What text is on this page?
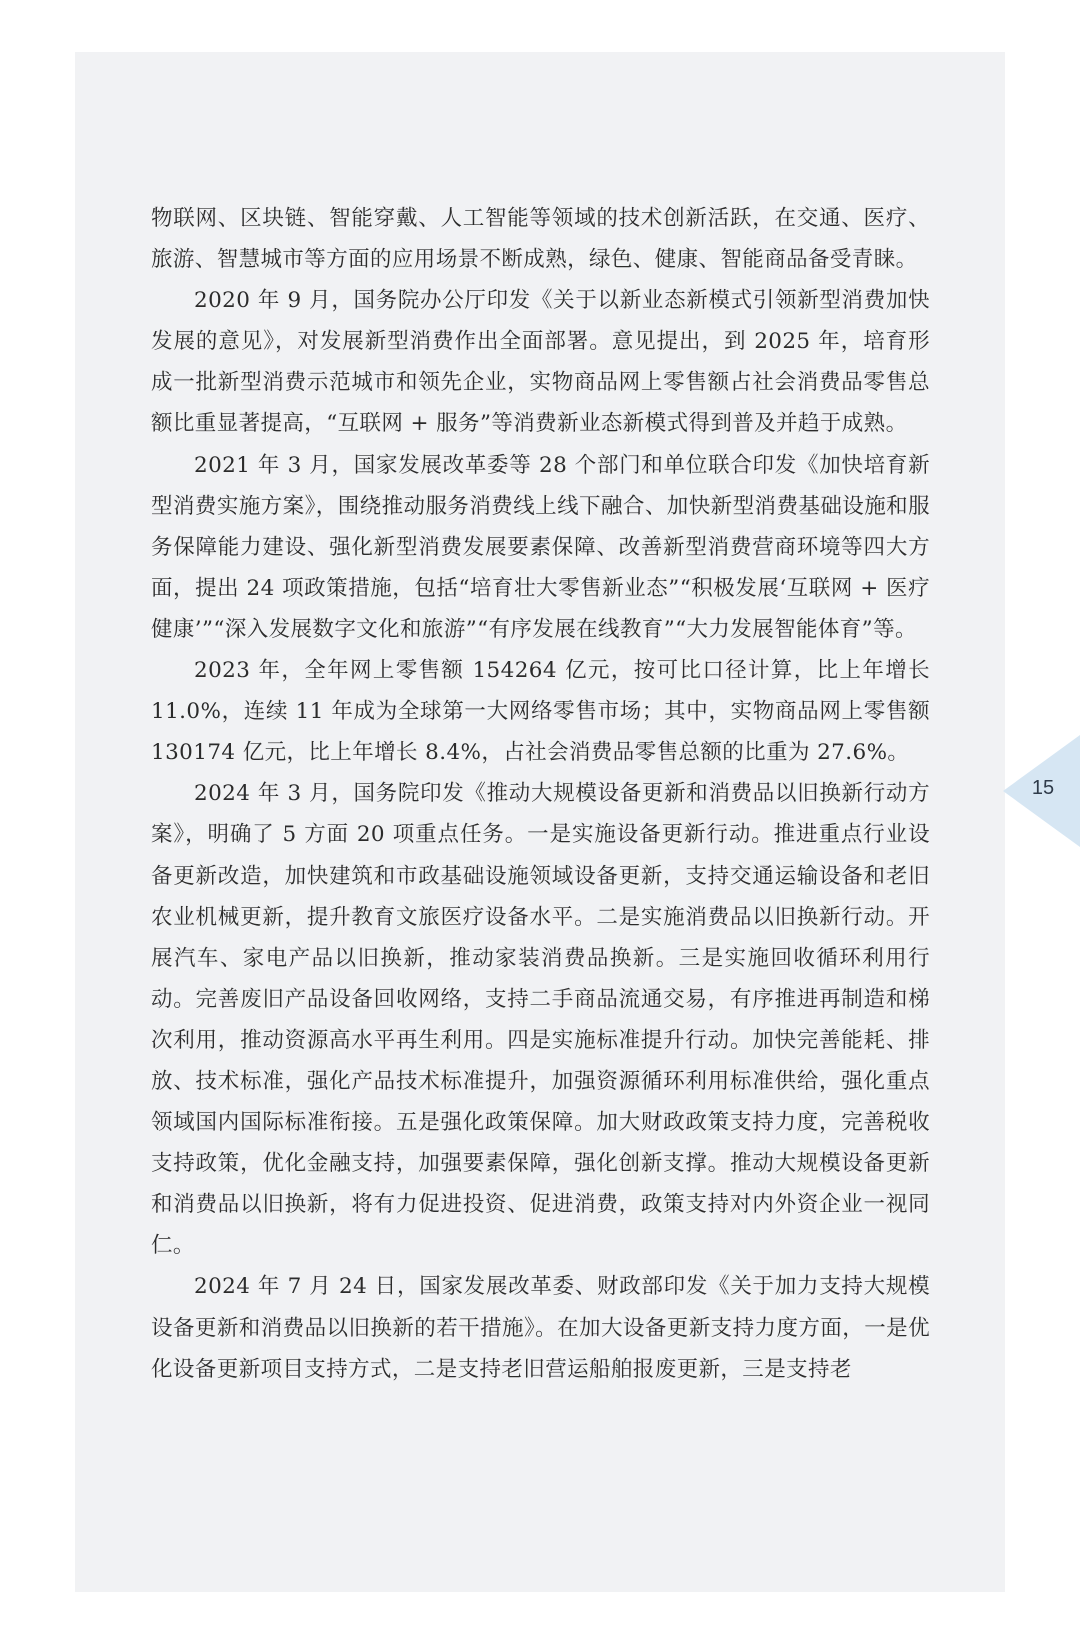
物联网、区块链、智能穿戴、人工智能等领域的技术创新活跃，在交通、医疗、旅游、智慧城市等方面的应用场景不断成熟，绿色、健康、智能商品备受青睐。

2020 年 9 月，国务院办公厅印发《关于以新业态新模式引领新型消费加快发展的意见》，对发展新型消费作出全面部署。意见提出，到 2025 年，培育形成一批新型消费示范城市和领先企业，实物商品网上零售额占社会消费品零售总额比重显著提高，“互联网 + 服务”等消费新业态新模式得到普及并趋于成熟。

2021 年 3 月，国家发展改革委等 28 个部门和单位联合印发《加快培育新型消费实施方案》，围绕推动服务消费线上线下融合、加快新型消费基础设施和服务保障能力建设、强化新型消费发展要素保障、改善新型消费营商环境等四大方面，提出 24 项政策措施，包括“培育壮大零售新业态”“积极发展‘互联网 + 医疗健康’”“深入发展数字文化和旅游”“有序发展在线教育”“大力发展智能体育”等。

2023 年，全年网上零售额 154264 亿元，按可比口径计算，比上年增长 11.0%，连续 11 年成为全球第一大网络零售市场；其中，实物商品网上零售额 130174 亿元，比上年增长 8.4%，占社会消费品零售总额的比重为 27.6%。

2024 年 3 月，国务院印发《推动大规模设备更新和消费品以旧换新行动方案》，明确了 5 方面 20 项重点任务。一是实施设备更新行动。推进重点行业设备更新改造，加快建筑和市政基础设施领域设备更新，支持交通运输设备和老旧农业机械更新，提升教育文旅医疗设备水平。二是实施消费品以旧换新行动。开展汽车、家电产品以旧换新，推动家装消费品换新。三是实施回收循环利用行动。完善废旧产品设备回收网络，支持二手商品流通交易，有序推进再制造和梯次利用，推动资源高水平再生利用。四是实施标准提升行动。加快完善能耗、排放、技术标准，强化产品技术标准提升，加强资源循环利用标准供给，强化重点领域国内国际标准衔接。五是强化政策保障。加大财政政策支持力度，完善税收支持政策，优化金融支持，加强要素保障，强化创新支撑。推动大规模设备更新和消费品以旧换新，将有力促进投资、促进消费，政策支持对内外资企业一视同仁。

2024 年 7 月 24 日，国家发展改革委、财政部印发《关于加力支持大规模设备更新和消费品以旧换新的若干措施》。在加大设备更新支持力度方面，一是优化设备更新项目支持方式，二是支持老旧营运船舶报废更新，三是支持老

15
